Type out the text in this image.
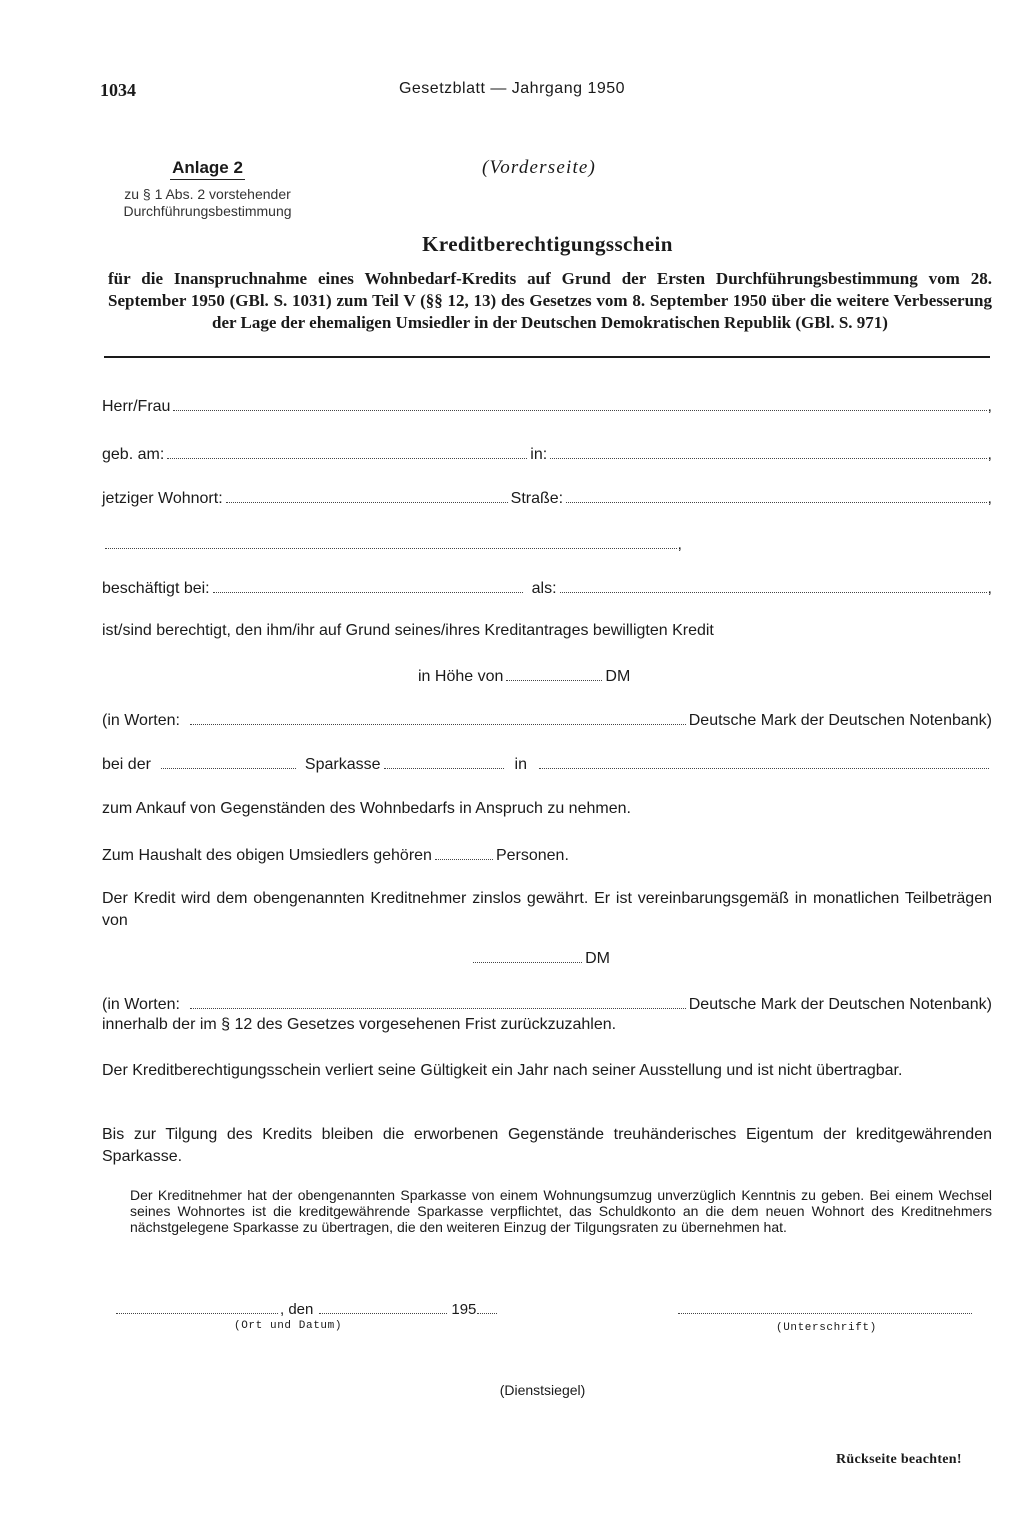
1034	Gesetzblatt — Jahrgang 1950
Anlage 2
zu § 1 Abs. 2 vorstehender
Durchführungsbestimmung
(Vorderseite)
Kreditberechtigungsschein
für die Inanspruchnahme eines Wohnbedarf-Kredits auf Grund der Ersten Durchführungsbestimmung vom 28. September 1950 (GBl. S. 1031) zum Teil V (§§ 12, 13) des Gesetzes vom 8. September 1950 über die weitere Verbesserung der Lage der ehemaligen Umsiedler in der Deutschen Demokratischen Republik (GBl. S. 971)
Herr/Frau	,
geb. am:	in:	,
jetziger Wohnort:	Straße:	,
,
beschäftigt bei:	als:	,
ist/sind berechtigt, den ihm/ihr auf Grund seines/ihres Kreditantrages bewilligten Kredit
in Höhe von	DM
(in Worten:	Deutsche Mark der Deutschen Notenbank)
bei der	Sparkasse	in
zum Ankauf von Gegenständen des Wohnbedarfs in Anspruch zu nehmen.
Zum Haushalt des obigen Umsiedlers gehören	Personen.
Der Kredit wird dem obengenannten Kreditnehmer zinslos gewährt. Er ist vereinbarungsgemäß in monatlichen Teilbeträgen von
DM
(in Worten:	Deutsche Mark der Deutschen Notenbank)
innerhalb der im § 12 des Gesetzes vorgesehenen Frist zurückzuzahlen.
Der Kreditberechtigungsschein verliert seine Gültigkeit ein Jahr nach seiner Ausstellung und ist nicht übertragbar.
Bis zur Tilgung des Kredits bleiben die erworbenen Gegenstände treuhänderisches Eigentum der kreditgewährenden Sparkasse.
Der Kreditnehmer hat der obengenannten Sparkasse von einem Wohnungsumzug unverzüglich Kenntnis zu geben. Bei einem Wechsel seines Wohnortes ist die kreditgewährende Sparkasse verpflichtet, das Schuldkonto an die dem neuen Wohnort des Kreditnehmers nächstgelegene Sparkasse zu übertragen, die den weiteren Einzug der Tilgungsraten zu übernehmen hat.
, den	195
(Ort und Datum)	(Unterschrift)
(Dienstsiegel)
Rückseite beachten!
